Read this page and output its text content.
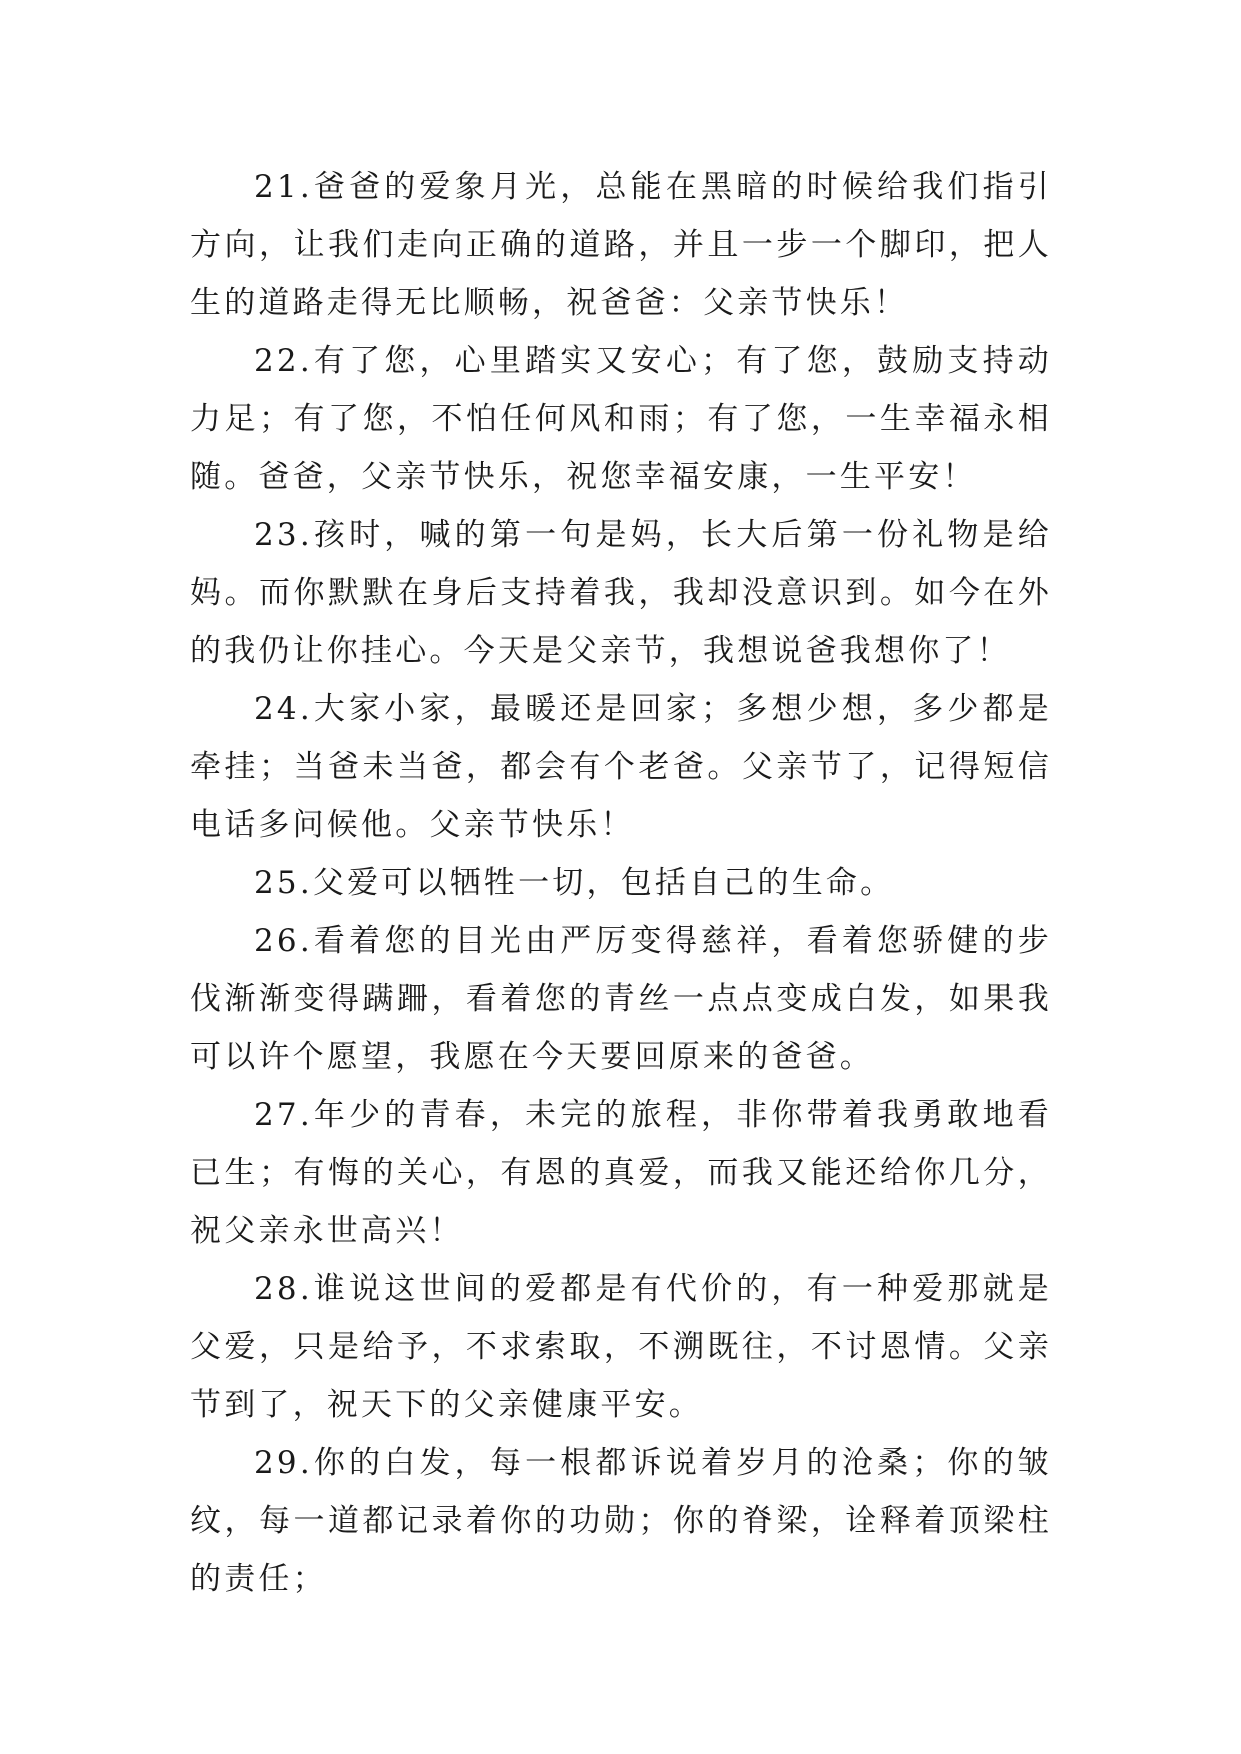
21.爸爸的爱象月光，总能在黑暗的时候给我们指引方向，让我们走向正确的道路，并且一步一个脚印，把人生的道路走得无比顺畅，祝爸爸：父亲节快乐！

22.有了您，心里踏实又安心；有了您，鼓励支持动力足；有了您，不怕任何风和雨；有了您，一生幸福永相随。爸爸，父亲节快乐，祝您幸福安康，一生平安！

23.孩时，喊的第一句是妈，长大后第一份礼物是给妈。而你默默在身后支持着我，我却没意识到。如今在外的我仍让你挂心。今天是父亲节，我想说爸我想你了！

24.大家小家，最暖还是回家；多想少想，多少都是牵挂；当爸未当爸，都会有个老爸。父亲节了，记得短信电话多问候他。父亲节快乐！

25.父爱可以牺牲一切，包括自己的生命。

26.看着您的目光由严厉变得慈祥，看着您骄健的步伐渐渐变得蹒跚，看着您的青丝一点点变成白发，如果我可以许个愿望，我愿在今天要回原来的爸爸。

27.年少的青春，未完的旅程，非你带着我勇敢地看已生；有悔的关心，有恩的真爱，而我又能还给你几分，祝父亲永世高兴！

28.谁说这世间的爱都是有代价的，有一种爱那就是父爱，只是给予，不求索取，不溯既往，不讨恩情。父亲节到了，祝天下的父亲健康平安。

29.你的白发，每一根都诉说着岁月的沧桑；你的皱纹，每一道都记录着你的功勋；你的脊梁，诠释着顶梁柱的责任；
